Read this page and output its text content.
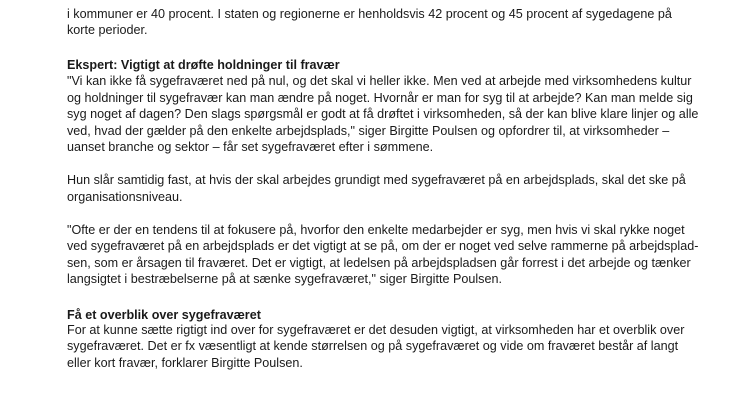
i kommuner er 40 procent. I staten og regionerne er henholdsvis 42 procent og 45 procent af sygedagene på
korte perioder.
Ekspert: Vigtigt at drøfte holdninger til fravær
"Vi kan ikke få sygefraværet ned på nul, og det skal vi heller ikke. Men ved at arbejde med virksomhedens kultur
og holdninger til sygefravær kan man ændre på noget. Hvornår er man for syg til at arbejde? Kan man melde sig
syg noget af dagen? Den slags spørgsmål er godt at få drøftet i virksomheden, så der kan blive klare linjer og alle
ved, hvad der gælder på den enkelte arbejdsplads," siger Birgitte Poulsen og opfordrer til, at virksomheder –
uanset branche og sektor – får set sygefraværet efter i sømmene.
Hun slår samtidig fast, at hvis der skal arbejdes grundigt med sygefraværet på en arbejdsplads, skal det ske på
organisationsniveau.
"Ofte er der en tendens til at fokusere på, hvorfor den enkelte medarbejder er syg, men hvis vi skal rykke noget
ved sygefraværet på en arbejdsplads er det vigtigt at se på, om der er noget ved selve rammerne på arbejdsplad-
sen, som er årsagen til fraværet. Det er vigtigt, at ledelsen på arbejdspladsen går forrest i det arbejde og tænker
langsigtet i bestræbelserne på at sænke sygefraværet," siger Birgitte Poulsen.
Få et overblik over sygefraværet
For at kunne sætte rigtigt ind over for sygefraværet er det desuden vigtigt, at virksomheden har et overblik over
sygefraværet. Det er fx væsentligt at kende størrelsen og på sygefraværet og vide om fraværet består af langt
eller kort fravær, forklarer Birgitte Poulsen.
